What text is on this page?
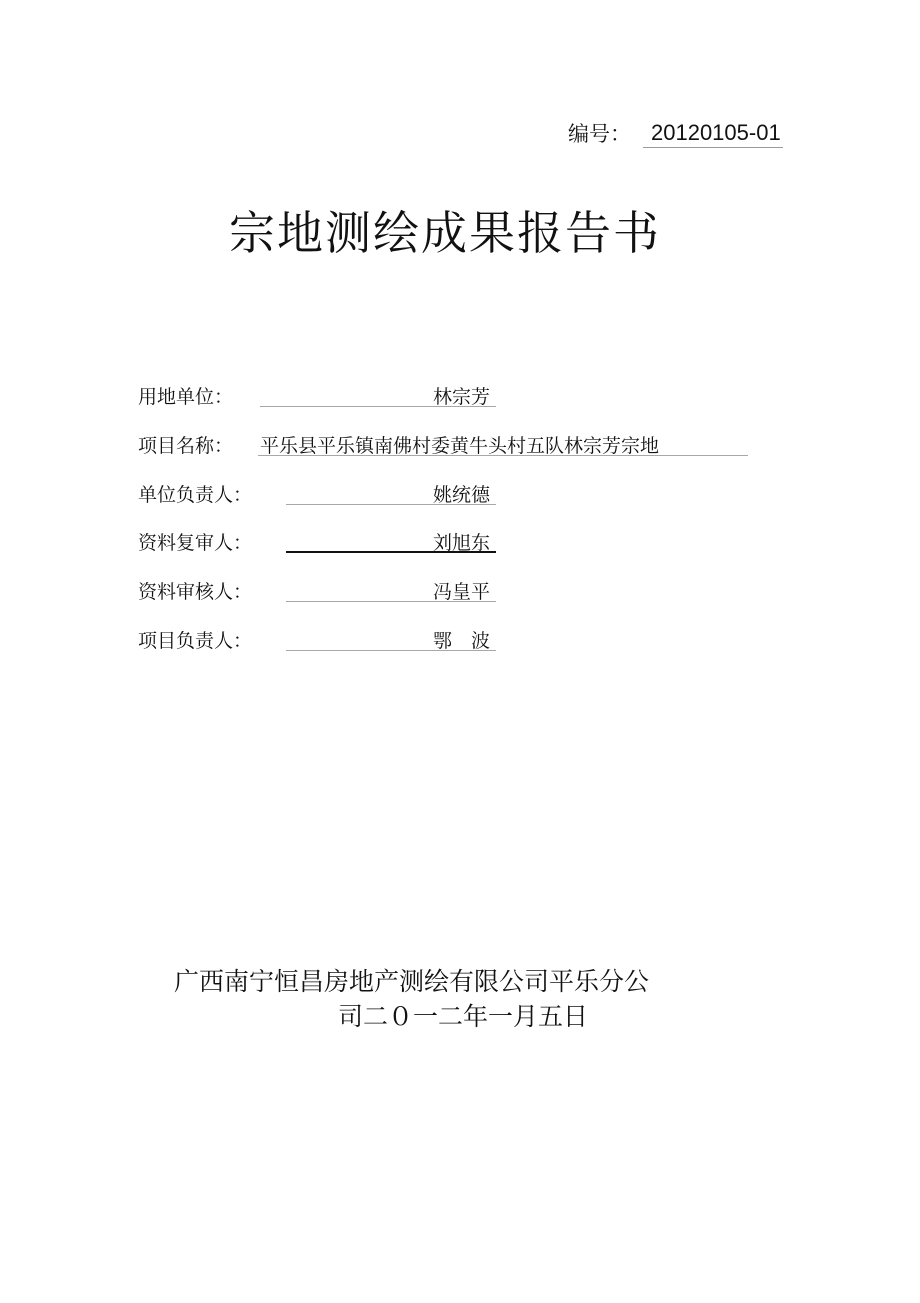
编号： 20120105-01
宗地测绘成果报告书
用地单位：	林宗芳
项目名称： 平乐县平乐镇南佛村委黄牛头村五队林宗芳宗地
单位负责人：	姚统德
资料复审人：	刘旭东
资料审核人：	冯皇平
项目负责人：	鄂　波
广西南宁恒昌房地产测绘有限公司平乐分公
司二０一二年一月五日
